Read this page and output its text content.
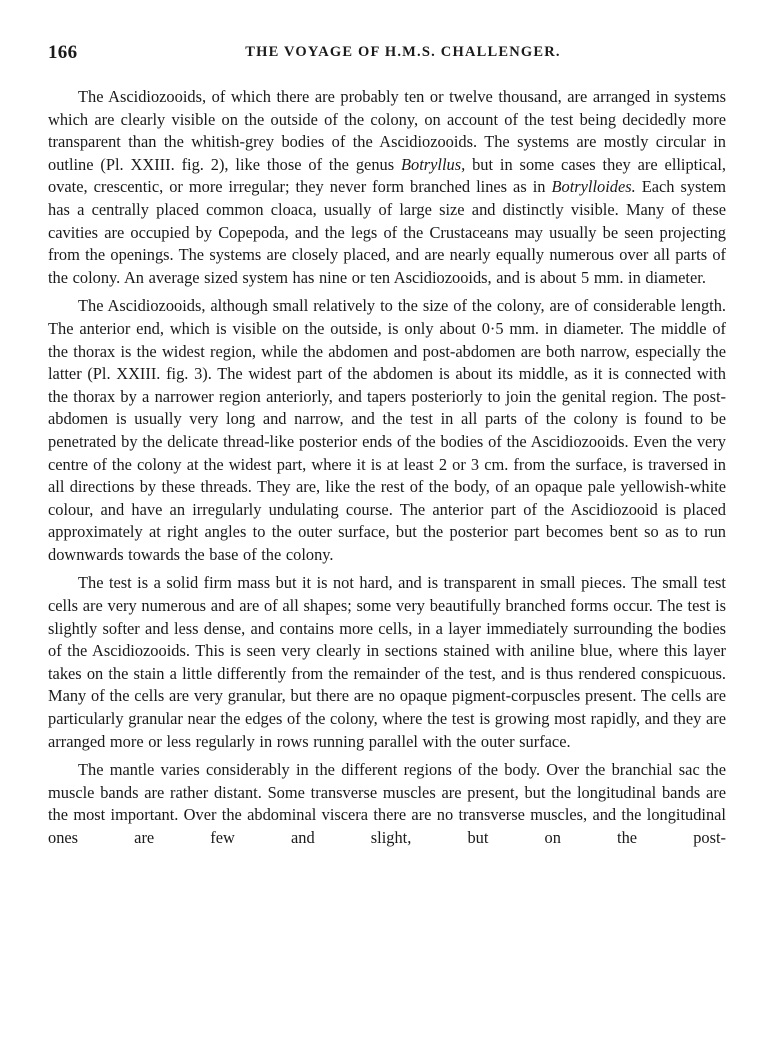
166	THE VOYAGE OF H.M.S. CHALLENGER.

The Ascidiozooids, of which there are probably ten or twelve thousand, are arranged in systems which are clearly visible on the outside of the colony, on account of the test being decidedly more transparent than the whitish-grey bodies of the Ascidiozooids. The systems are mostly circular in outline (Pl. XXIII. fig. 2), like those of the genus Botryllus, but in some cases they are elliptical, ovate, crescentic, or more irregular; they never form branched lines as in Botrylloides. Each system has a centrally placed common cloaca, usually of large size and distinctly visible. Many of these cavities are occupied by Copepoda, and the legs of the Crustaceans may usually be seen projecting from the openings. The systems are closely placed, and are nearly equally numerous over all parts of the colony. An average sized system has nine or ten Ascidiozooids, and is about 5 mm. in diameter.

The Ascidiozooids, although small relatively to the size of the colony, are of considerable length. The anterior end, which is visible on the outside, is only about 0·5 mm. in diameter. The middle of the thorax is the widest region, while the abdomen and post-abdomen are both narrow, especially the latter (Pl. XXIII. fig. 3). The widest part of the abdomen is about its middle, as it is connected with the thorax by a narrower region anteriorly, and tapers posteriorly to join the genital region. The post-abdomen is usually very long and narrow, and the test in all parts of the colony is found to be penetrated by the delicate thread-like posterior ends of the bodies of the Ascidiozooids. Even the very centre of the colony at the widest part, where it is at least 2 or 3 cm. from the surface, is traversed in all directions by these threads. They are, like the rest of the body, of an opaque pale yellowish-white colour, and have an irregularly undulating course. The anterior part of the Ascidiozooid is placed approximately at right angles to the outer surface, but the posterior part becomes bent so as to run downwards towards the base of the colony.

The test is a solid firm mass but it is not hard, and is transparent in small pieces. The small test cells are very numerous and are of all shapes; some very beautifully branched forms occur. The test is slightly softer and less dense, and contains more cells, in a layer immediately surrounding the bodies of the Ascidiozooids. This is seen very clearly in sections stained with aniline blue, where this layer takes on the stain a little differently from the remainder of the test, and is thus rendered conspicuous. Many of the cells are very granular, but there are no opaque pigment-corpuscles present. The cells are particularly granular near the edges of the colony, where the test is growing most rapidly, and they are arranged more or less regularly in rows running parallel with the outer surface.

The mantle varies considerably in the different regions of the body. Over the branchial sac the muscle bands are rather distant. Some transverse muscles are present, but the longitudinal bands are the most important. Over the abdominal viscera there are no transverse muscles, and the longitudinal ones are few and slight, but on the post-
